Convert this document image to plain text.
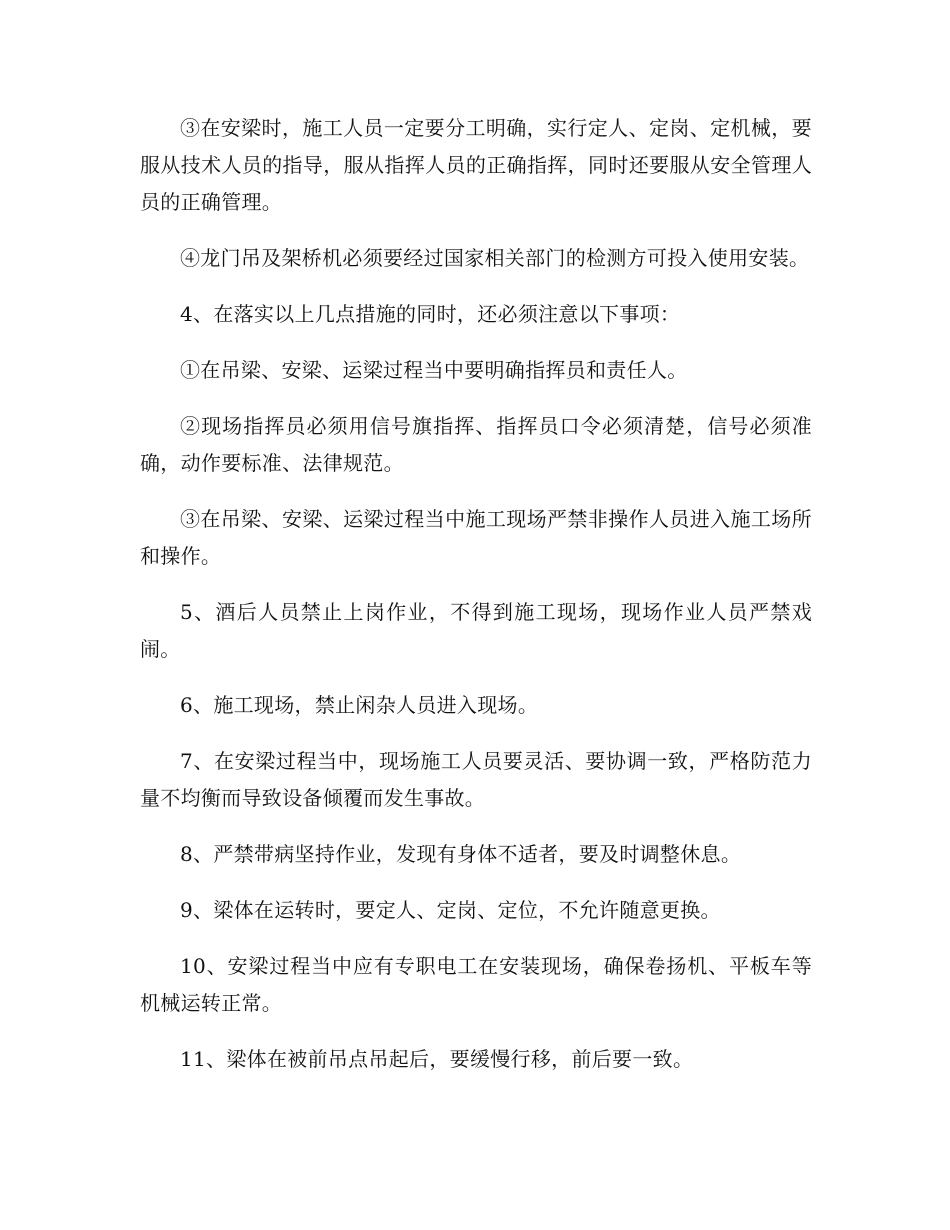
③在安梁时，施工人员一定要分工明确，实行定人、定岗、定机械，要服从技术人员的指导，服从指挥人员的正确指挥，同时还要服从安全管理人员的正确管理。

④龙门吊及架桥机必须要经过国家相关部门的检测方可投入使用安装。

4、在落实以上几点措施的同时，还必须注意以下事项：

①在吊梁、安梁、运梁过程当中要明确指挥员和责任人。

②现场指挥员必须用信号旗指挥、指挥员口令必须清楚，信号必须准确，动作要标准、法律规范。

③在吊梁、安梁、运梁过程当中施工现场严禁非操作人员进入施工场所和操作。

5、酒后人员禁止上岗作业，不得到施工现场，现场作业人员严禁戏闹。

6、施工现场，禁止闲杂人员进入现场。

7、在安梁过程当中，现场施工人员要灵活、要协调一致，严格防范力量不均衡而导致设备倾覆而发生事故。

8、严禁带病坚持作业，发现有身体不适者，要及时调整休息。

9、梁体在运转时，要定人、定岗、定位，不允许随意更换。

10、安梁过程当中应有专职电工在安装现场，确保卷扬机、平板车等机械运转正常。

11、梁体在被前吊点吊起后，要缓慢行移，前后要一致。
